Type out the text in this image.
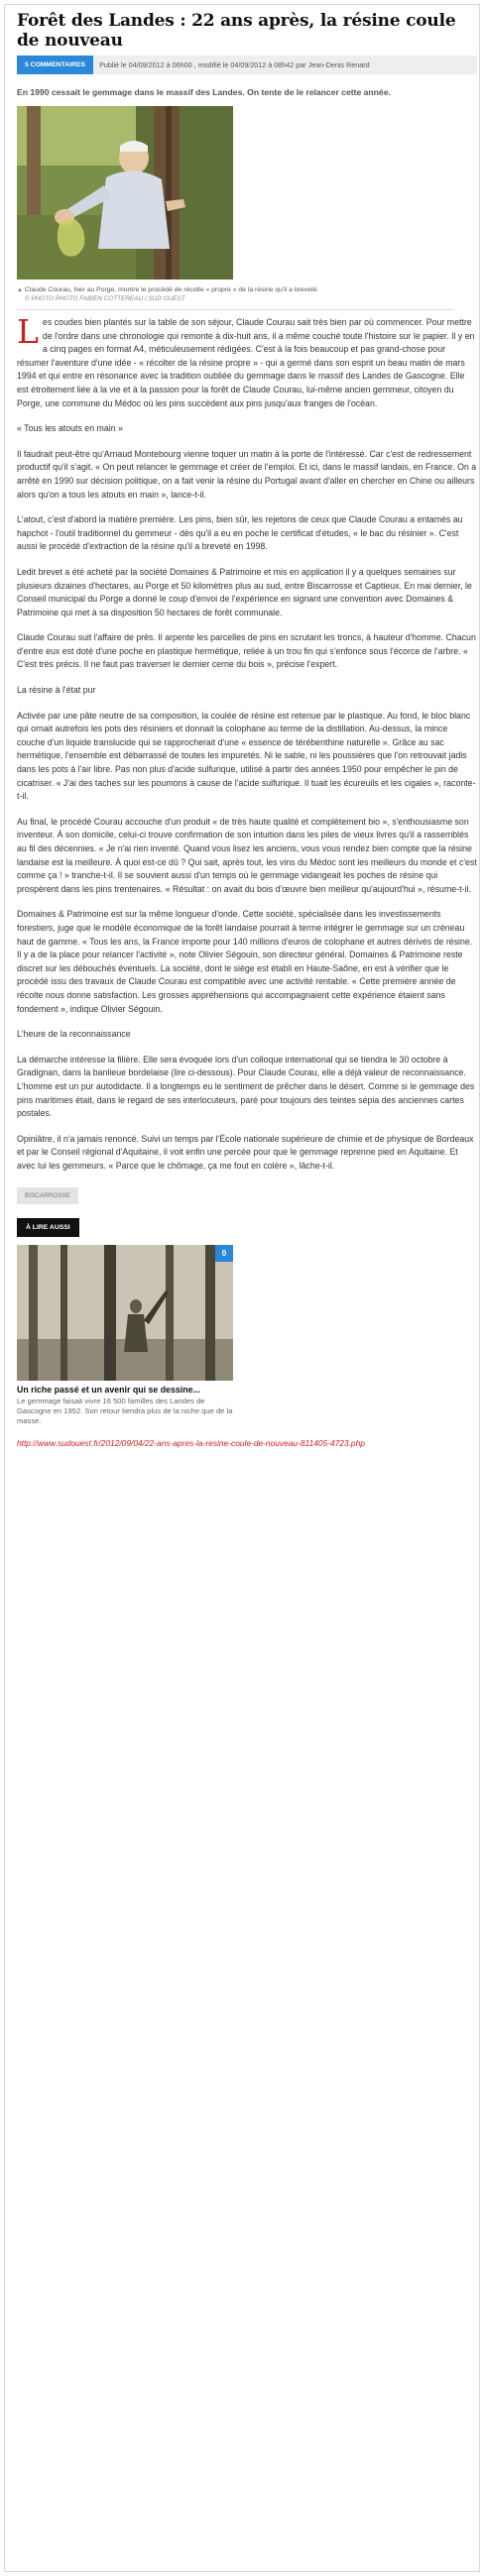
Forêt des Landes : 22 ans après, la résine coule de nouveau
5 COMMENTAIRES	Publié le 04/09/2012 à 06h00 , modifié le 04/09/2012 à 08h42 par Jean-Denis Renard
En 1990 cessait le gemmage dans le massif des Landes. On tente de le relancer cette année.
▲ Claude Courau, hier au Porge, montre le procédé de récolte « propre » de la résine qu'il a breveté.
© PHOTO PHOTO FABIEN COTTEREAU / SUD OUEST

Les coudes bien plantés sur la table de son séjour, Claude Courau sait très bien par où commencer. Pour mettre de l'ordre dans une chronologie qui remonte à dix-huit ans, il a même couché toute l'histoire sur le papier. Il y en a cinq pages en format A4, méticuleusement rédigées. C'est à la fois beaucoup et pas grand-chose pour résumer l'aventure d'une idée - « récolter de la résine propre » - qui a germé dans son esprit un beau matin de mars 1994 et qui entre en résonance avec la tradition oubliée du gemmage dans le massif des Landes de Gascogne. Elle est étroitement liée à la vie et à la passion pour la forêt de Claude Courau, lui-même ancien gemmeur, citoyen du Porge, une commune du Médoc où les pins succèdent aux pins jusqu'aux franges de l'océan.

« Tous les atouts en main »

Il faudrait peut-être qu'Arnaud Montebourg vienne toquer un matin à la porte de l'intéressé. Car c'est de redressement productif qu'il s'agit. « On peut relancer le gemmage et créer de l'emploi. Et ici, dans le massif landais, en France. On a arrêté en 1990 sur décision politique, on a fait venir la résine du Portugal avant d'aller en chercher en Chine ou ailleurs alors qu'on a tous les atouts en main », lance-t-il.

L'atout, c'est d'abord la matière première. Les pins, bien sûr, les rejetons de ceux que Claude Courau a entamés au hapchot - l'outil traditionnel du gemmeur - dès qu'il a eu en poche le certificat d'études, « le bac du résinier ». C'est aussi le procédé d'extraction de la résine qu'il a breveté en 1998.

Ledit brevet a été acheté par la société Domaines & Patrimoine et mis en application il y a quelques semaines sur plusieurs dizaines d'hectares, au Porge et 50 kilomètres plus au sud, entre Biscarrosse et Captieux. En mai dernier, le Conseil municipal du Porge a donné le coup d'envoi de l'expérience en signant une convention avec Domaines & Patrimoine qui met à sa disposition 50 hectares de forêt communale.

Claude Courau suit l'affaire de près. Il arpente les parcelles de pins en scrutant les troncs, à hauteur d'homme. Chacun d'entre eux est doté d'une poche en plastique hermétique, reliée à un trou fin qui s'enfonce sous l'écorce de l'arbre. « C'est très précis. Il ne faut pas traverser le dernier cerne du bois », précise l'expert.

La résine à l'état pur

Activée par une pâte neutre de sa composition, la coulée de résine est retenue par le plastique. Au fond, le bloc blanc qui ornait autrefois les pots des résiniers et donnait la colophane au terme de la distillation. Au-dessus, la mince couche d'un liquide translucide qui se rapprocherait d'une « essence de térébenthine naturelle ». Grâce au sac hermétique, l'ensemble est débarrassé de toutes les impuretés. Ni le sable, ni les poussières que l'on retrouvait jadis dans les pots à l'air libre. Pas non plus d'acide sulfurique, utilisé à partir des années 1950 pour empêcher le pin de cicatriser. « J'ai des taches sur les poumons à cause de l'acide sulfurique. Il tuait les écureuils et les cigales », raconte-t-il.

Au final, le procédé Courau accouche d'un produit « de très haute qualité et complètement bio », s'enthousiasme son inventeur. À son domicile, celui-ci trouve confirmation de son intuition dans les piles de vieux livres qu'il a rassemblés au fil des décennies. « Je n'ai rien inventé. Quand vous lisez les anciens, vous vous rendez bien compte que la résine landaise est la meilleure. À quoi est-ce dû ? Qui sait, après tout, les vins du Médoc sont les meilleurs du monde et c'est comme ça ! » tranche-t-il. Il se souvient aussi d'un temps où le gemmage vidangeait les poches de résine qui prospèrent dans les pins trentenaires. « Résultat : on avait du bois d'œuvre bien meilleur qu'aujourd'hui », résume-t-il.

Domaines & Patrimoine est sur la même longueur d'onde. Cette société, spécialisée dans les investissements forestiers, juge que le modèle économique de la forêt landaise pourrait à terme intégrer le gemmage sur un créneau haut de gamme. « Tous les ans, la France importe pour 140 millions d'euros de colophane et autres dérivés de résine. Il y a de la place pour relancer l'activité », note Olivier Ségouin, son directeur général. Domaines & Patrimoine reste discret sur les débouchés éventuels. La société, dont le siège est établi en Haute-Saône, en est à vérifier que le procédé issu des travaux de Claude Courau est compatible avec une activité rentable. « Cette première année de récolte nous donne satisfaction. Les grosses appréhensions qui accompagnaient cette expérience étaient sans fondement », indique Olivier Ségouin.

L'heure de la reconnaissance

La démarche intéresse la filière. Elle sera évoquée lors d'un colloque international qui se tiendra le 30 octobre à Gradignan, dans la banlieue bordelaise (lire ci-dessous). Pour Claude Courau, elle a déjà valeur de reconnaissance. L'homme est un pur autodidacte. Il a longtemps eu le sentiment de prêcher dans le désert. Comme si le gemmage des pins maritimes était, dans le regard de ses interlocuteurs, paré pour toujours des teintes sépia des anciennes cartes postales.

Opiniâtre, il n'a jamais renoncé. Suivi un temps par l'École nationale supérieure de chimie et de physique de Bordeaux et par le Conseil régional d'Aquitaine, il voit enfin une percée pour que le gemmage reprenne pied en Aquitaine. Et avec lui les gemmeurs. « Parce que le chômage, ça me fout en colère », lâche-t-il.

BISCARROSSE
À LIRE AUSSI
0
Un riche passé et un avenir qui se dessine...
Le gemmage faisait vivre 16 500 familles des Landes de Gascogne en 1952. Son retour tiendra plus de la niche que de la masse.
http://www.sudouest.fr/2012/09/04/22-ans-apres-la-resine-coule-de-nouveau-811405-4723.php
